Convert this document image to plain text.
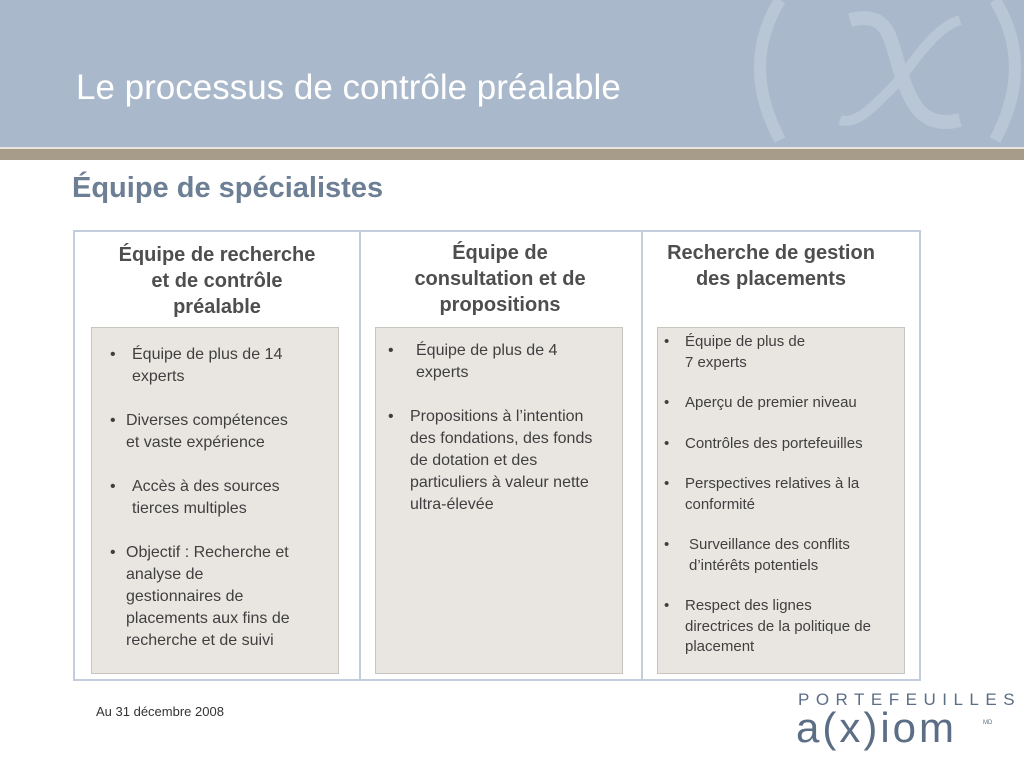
Le processus de contrôle préalable
Équipe de spécialistes
Équipe de recherche
et de contrôle
préalable
• Équipe de plus de 14
experts
• Diverses compétences
et vaste expérience
• Accès à des sources
tierces multiples
• Objectif : Recherche et
analyse de
gestionnaires de
placements aux fins de
recherche et de suivi
Équipe de
consultation et de
propositions
• Équipe de plus de 4
experts
• Propositions à l’intention
des fondations, des fonds
de dotation et des
particuliers à valeur nette
ultra-élevée
Recherche de gestion
des placements
• Équipe de plus de
7 experts
• Aperçu de premier niveau
• Contrôles des portefeuilles
• Perspectives relatives à la
conformité
• Surveillance des conflits
d’intérêts potentiels
• Respect des lignes
directrices de la politique de
placement
Au 31 décembre 2008
PORTEFEUILLES
a(x)iom	MD
